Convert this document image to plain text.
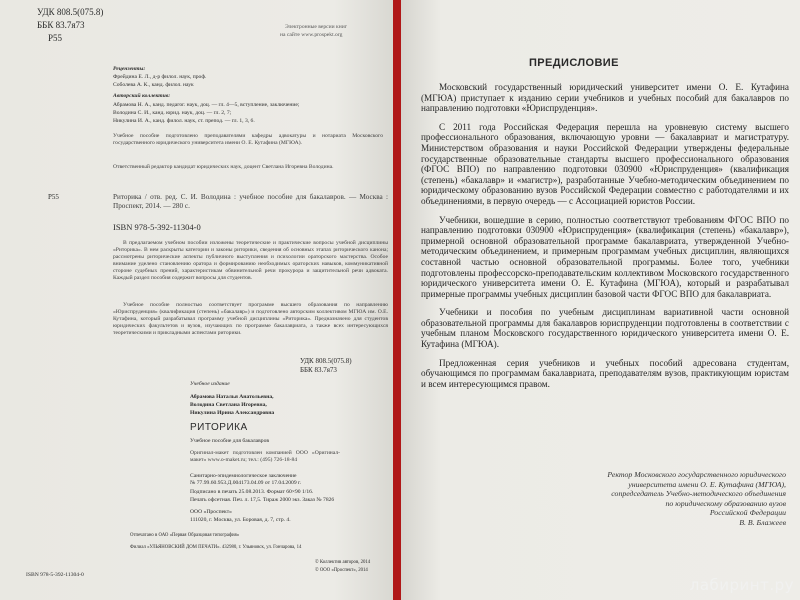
УДК 808.5(075.8)
ББК 83.7я73
Р55
Электронные версии книг
на сайте www.prospekt.org
Рецензенты:
Фрейдина Е. Л., д-р филол. наук, проф.
Соболева А. К., канд. филол. наук
Авторский коллектив:
Абрамова Н. А., канд. педагог. наук, доц. — гл. 4—5, вступление, заключение;
Володина С. И., канд. юрид. наук, доц. — гл. 2, 7;
Никулина И. А., канд. филол. наук, ст. препод. — гл. 1, 3, 6.
Учебное пособие подготовлено преподавателями кафедры адвокатуры и нотариата Московского государственного юридического университета имени О. Е. Кутафина (МГЮА).
Ответственный редактор кандидат юридических наук, доцент Светлана Игоревна Володина.
Р55	Риторика / отв. ред. С. И. Володина : учебное пособие для бакалавров. — Москва : Проспект, 2014. — 280 с.
ISBN 978-5-392-11304-0
В предлагаемом учебном пособии изложены теоретические и практические вопросы учебной дисциплины «Риторика». В нем раскрыты категории и законы риторики, сведения об основных этапах риторического канона; рассмотрены риторические аспекты публичного выступления и психологии ораторского мастерства. Особое внимание уделено становлению оратора и формированию необходимых ораторских навыков, коммуникативной стороне судебных прений, характеристикам обвинительной речи прокурора и защитительной речи адвоката. Каждый раздел пособия содержит вопросы для студентов.
Учебное пособие полностью соответствует программе высшего образования по направлению «Юриспруденция» (квалификация (степень) «бакалавр») и подготовлено авторским коллективом МГЮА им. О.Е. Кутафина, который разрабатывал программу учебной дисциплины «Риторика». Предназначено для студентов юридических факультетов и вузов, изучающих по программе бакалавриата, а также всех интересующихся теоретическими и прикладными аспектами риторики.
УДК 808.5(075.8)
ББК 83.7я73
Учебное издание
Абрамова Наталья Анатольевна,
Володина Светлана Игоревна,
Никулина Ирина Александровна
РИТОРИКА
Учебное пособие для бакалавров
Оригинал-макет подготовлен компанией ООО «Оригинал-макет» www.o-maket.ru; тел.: (495) 726-18-84
Санитарно-эпидемиологическое заключение
№ 77.99.60.953.Д.004173.04.09 от 17.04.2009 г.
Подписано в печать 25.08.2013. Формат 60×90 1/16.
Печать офсетная. Печ. л. 17,5. Тираж 2000 экз. Заказ № 7826
ООО «Проспект»
111020, г. Москва, ул. Боровая, д. 7, стр. 4.
Отпечатано в ОАО «Первая Образцовая типография»
Филиал «УЛЬЯНОВСКИЙ ДОМ ПЕЧАТИ». 432980, г. Ульяновск, ул. Гончарова, 14
ISBN 978-5-392-11304-0
© Коллектив авторов, 2014
© ООО «Проспект», 2014
ПРЕДИСЛОВИЕ

Московский государственный юридический университет имени О. Е. Кутафина (МГЮА) приступает к изданию серии учебников и учебных пособий для бакалавров по направлению подготовки «Юриспруденция».

С 2011 года Российская Федерация перешла на уровневую систему высшего профессионального образования, включающую уровни — бакалавриат и магистратуру. Министерством образования и науки Российской Федерации утверждены федеральные государственные образовательные стандарты высшего профессионального образования (ФГОС ВПО) по направлению подготовки 030900 «Юриспруденция» (квалификация (степень) «бакалавр» и «магистр»), разработанные Учебно-методическим объединением по юридическому образованию вузов Российской Федерации совместно с работодателями и их объединениями, в первую очередь — с Ассоциацией юристов России.

Учебники, вошедшие в серию, полностью соответствуют требованиям ФГОС ВПО по направлению подготовки 030900 «Юриспруденция» (квалификация (степень) «бакалавр»), примерной основной образовательной программе бакалавриата, утвержденной Учебно-методическим объединением, и примерным программам учебных дисциплин, являющихся составной частью основной образовательной программы. Более того, учебники подготовлены профессорско-преподавательским коллективом Московского государственного юридического университета имени О. Е. Кутафина (МГЮА), который и разрабатывал примерные программы учебных дисциплин базовой части ФГОС ВПО для бакалавриата.

Учебники и пособия по учебным дисциплинам вариативной части основной образовательной программы для бакалавров юриспруденции подготовлены в соответствии с учебным планом Московского государственного юридического университета имени О. Е. Кутафина (МГЮА).

Предложенная серия учебников и учебных пособий адресована студентам, обучающимся по программам бакалавриата, преподавателям вузов, практикующим юристам и всем интересующимся правом.

Ректор Московского государственного юридического
университета имени О. Е. Кутафина (МГЮА),
сопредседатель Учебно-методического объединения
по юридическому образованию вузов
Российской Федерации
В. В. Блажеев
лабиринт.ру
